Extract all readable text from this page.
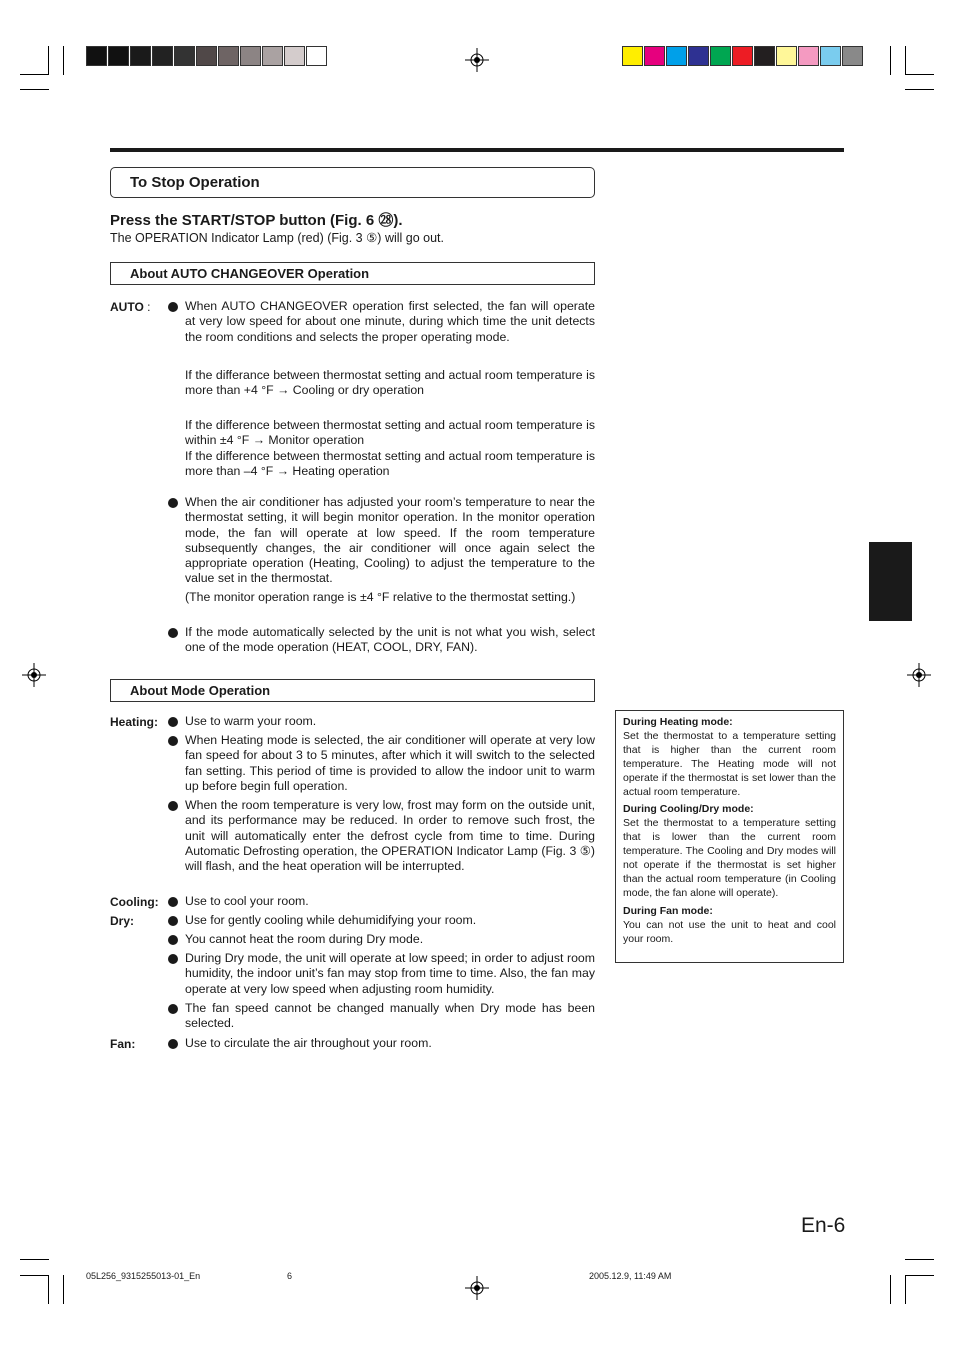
To Stop Operation
Press the START/STOP button (Fig. 6 ㉘).
The OPERATION Indicator Lamp (red) (Fig. 3 ⑤) will go out.
About AUTO CHANGEOVER Operation
AUTO :	When AUTO CHANGEOVER operation first selected, the fan will operate at very low speed for about one minute, during which time the unit detects the room conditions and selects the proper operating mode.
If the differance between thermostat setting and actual room temperature is more than +4 °F → Cooling or dry operation
If the difference between thermostat setting and actual room temperature is within ±4 °F → Monitor operation
If the difference between thermostat setting and actual room temperature is more than –4 °F → Heating operation
When the air conditioner has adjusted your room’s temperature to near the thermostat setting, it will begin monitor operation. In the monitor operation mode, the fan will operate at low speed. If the room temperature subsequently changes, the air conditioner will once again select the appropriate operation (Heating, Cooling) to adjust the temperature to the value set in the thermostat.
(The monitor operation range is ±4 °F relative to the thermostat setting.)
If the mode automatically selected by the unit is not what you wish, select one of the mode operation (HEAT, COOL, DRY, FAN).
About Mode Operation
Heating: Use to warm your room.
When Heating mode is selected, the air conditioner will operate at very low fan speed for about 3 to 5 minutes, after which it will switch to the selected fan setting. This period of time is provided to allow the indoor unit to warm up before begin full operation.
When the room temperature is very low, frost may form on the outside unit, and its performance may be reduced. In order to remove such frost, the unit will automatically enter the defrost cycle from time to time. During Automatic Defrosting operation, the OPERATION Indicator Lamp (Fig. 3 ⑤) will flash, and the heat operation will be interrupted.
Cooling: Use to cool your room.
Dry:	Use for gently cooling while dehumidifying your room.
You cannot heat the room during Dry mode.
During Dry mode, the unit will operate at low speed; in order to adjust room humidity, the indoor unit’s fan may stop from time to time. Also, the fan may operate at very low speed when adjusting room humidity.
The fan speed cannot be changed manually when Dry mode has been selected.
Fan:	Use to circulate the air throughout your room.
During Heating mode:
Set the thermostat to a temperature setting that is higher than the current room temperature. The Heating mode will not operate if the thermostat is set lower than the actual room temperature.
During Cooling/Dry mode:
Set the thermostat to a temperature setting that is lower than the current room temperature. The Cooling and Dry modes will not operate if the thermostat is set higher than the actual room temperature (in Cooling mode, the fan alone will operate).
During Fan mode:
You can not use the unit to heat and cool your room.
En-6
05L256_9315255013-01_En	6	2005.12.9, 11:49 AM
